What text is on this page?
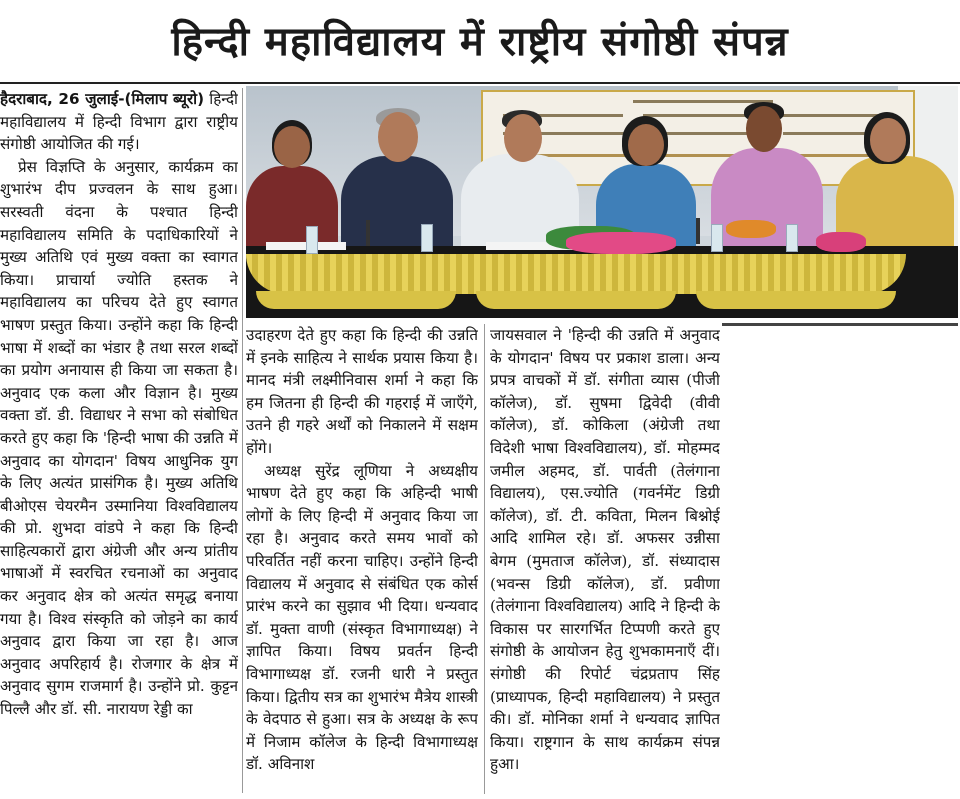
हिन्दी महाविद्यालय में राष्ट्रीय संगोष्ठी संपन्न

हैदराबाद, 26 जुलाई-(मिलाप ब्यूरो) हिन्दी महाविद्यालय में हिन्दी विभाग द्वारा राष्ट्रीय संगोष्ठी आयोजित की गई।

प्रेस विज्ञप्ति के अनुसार, कार्यक्रम का शुभारंभ दीप प्रज्वलन के साथ हुआ। सरस्वती वंदना के पश्चात हिन्दी महाविद्यालय समिति के पदाधिकारियों ने मुख्य अतिथि एवं मुख्य वक्ता का स्वागत किया। प्राचार्या ज्योति हस्तक ने महाविद्यालय का परिचय देते हुए स्वागत भाषण प्रस्तुत किया। उन्होंने कहा कि हिन्दी भाषा में शब्दों का भंडार है तथा सरल शब्दों का प्रयोग अनायास ही किया जा सकता है। अनुवाद एक कला और विज्ञान है। मुख्य वक्ता डॉ. डी. विद्याधर ने सभा को संबोधित करते हुए कहा कि 'हिन्दी भाषा की उन्नति में अनुवाद का योगदान' विषय आधुनिक युग के लिए अत्यंत प्रासंगिक है। मुख्य अतिथि बीओएस चेयरमैन उस्मानिया विश्वविद्यालय की प्रो. शुभदा वांडपे ने कहा कि हिन्दी साहित्यकारों द्वारा अंग्रेजी और अन्य प्रांतीय भाषाओं में स्वरचित रचनाओं का अनुवाद कर अनुवाद क्षेत्र को अत्यंत समृद्ध बनाया गया है। विश्व संस्कृति को जोड़ने का कार्य अनुवाद द्वारा किया जा रहा है। आज अनुवाद अपरिहार्य है। रोजगार के क्षेत्र में अनुवाद सुगम राजमार्ग है। उन्होंने प्रो. कुट्टन पिल्लै और डॉ. सी. नारायण रेड्डी का

उदाहरण देते हुए कहा कि हिन्दी की उन्नति में इनके साहित्य ने सार्थक प्रयास किया है। मानद मंत्री लक्ष्मीनिवास शर्मा ने कहा कि हम जितना ही हिन्दी की गहराई में जाएँगे, उतने ही गहरे अर्थों को निकालने में सक्षम होंगे।

अध्यक्ष सुरेंद्र लूणिया ने अध्यक्षीय भाषण देते हुए कहा कि अहिन्दी भाषी लोगों के लिए हिन्दी में अनुवाद किया जा रहा है। अनुवाद करते समय भावों को परिवर्तित नहीं करना चाहिए। उन्होंने हिन्दी विद्यालय में अनुवाद से संबंधित एक कोर्स प्रारंभ करने का सुझाव भी दिया। धन्यवाद डॉ. मुक्ता वाणी (संस्कृत विभागाध्यक्ष) ने ज्ञापित किया। विषय प्रवर्तन हिन्दी विभागाध्यक्ष डॉ. रजनी धारी ने प्रस्तुत किया। द्वितीय सत्र का शुभारंभ मैत्रेय शास्त्री के वेदपाठ से हुआ। सत्र के अध्यक्ष के रूप में निजाम कॉलेज के हिन्दी विभागाध्यक्ष डॉ. अविनाश

जायसवाल ने 'हिन्दी की उन्नति में अनुवाद के योगदान' विषय पर प्रकाश डाला। अन्य प्रपत्र वाचकों में डॉ. संगीता व्यास (पीजी कॉलेज), डॉ. सुषमा द्विवेदी (वीवी कॉलेज), डॉ. कोकिला (अंग्रेजी तथा विदेशी भाषा विश्वविद्यालय), डॉ. मोहम्मद जमील अहमद, डॉ. पार्वती (तेलंगाना विद्यालय), एस.ज्योति (गवर्नमेंट डिग्री कॉलेज), डॉ. टी. कविता, मिलन बिश्नोई आदि शामिल रहे। डॉ. अफसर उन्नीसा बेगम (मुमताज कॉलेज), डॉ. संध्यादास (भवन्स डिग्री कॉलेज), डॉ. प्रवीणा (तेलंगाना विश्वविद्यालय) आदि ने हिन्दी के विकास पर सारगर्भित टिप्पणी करते हुए संगोष्ठी के आयोजन हेतु शुभकामनाएँ दीं। संगोष्ठी की रिपोर्ट चंद्रप्रताप सिंह (प्राध्यापक, हिन्दी महाविद्यालय) ने प्रस्तुत की। डॉ. मोनिका शर्मा ने धन्यवाद ज्ञापित किया। राष्ट्रगान के साथ कार्यक्रम संपन्न हुआ।
